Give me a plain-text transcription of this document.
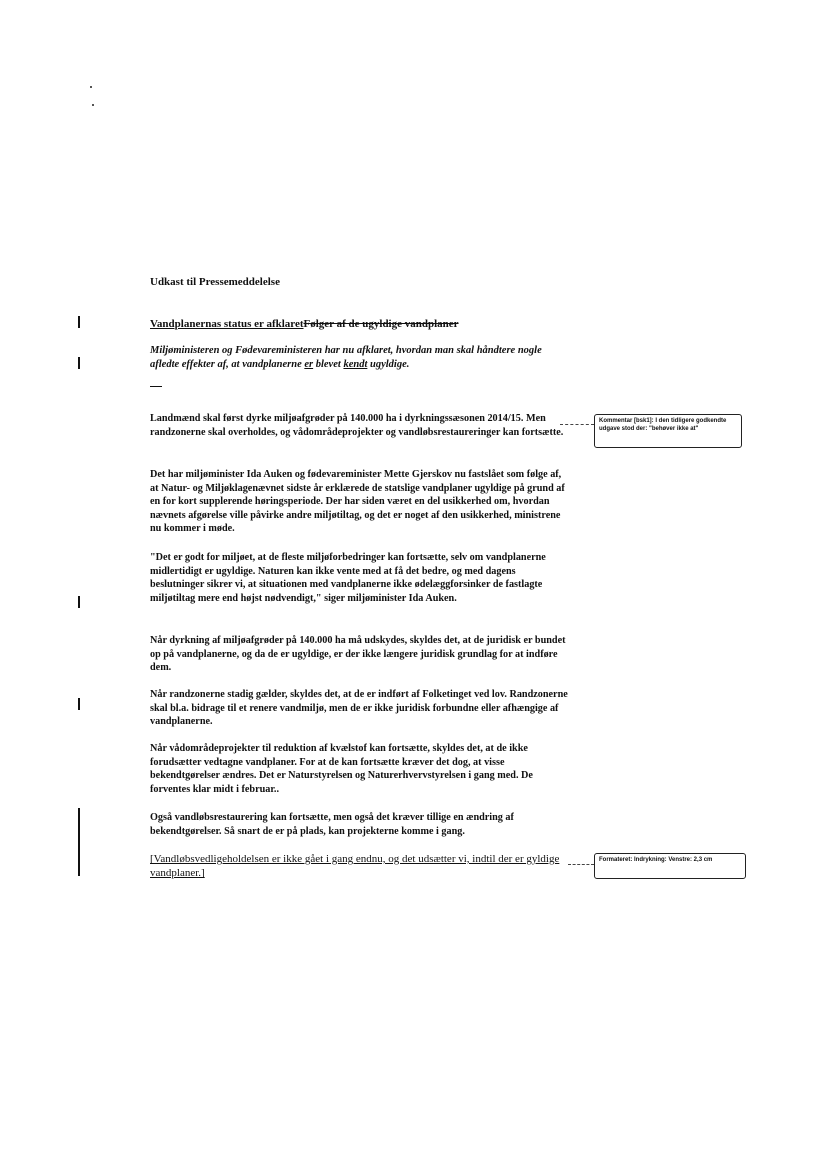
Udkast til Pressemeddelelse
Vandplanernas status er afklaretFølger af de ugyldige vandplaner
Miljøministeren og Fødevareministeren har nu afklaret, hvordan man skal håndtere nogle afledte effekter af, at vandplanerne er blevet kendt ugyldige.
Landmænd skal først dyrke miljøafgrøder på 140.000 ha i dyrkningssæsonen 2014/15. Men randzonerne skal overholdes, og vådområdeprojekter og vandløbsrestaureringer kan fortsætte.
Det har miljøminister Ida Auken og fødevareminister Mette Gjerskov nu fastslået som følge af, at Natur- og Miljøklagenævnet sidste år erklærede de statslige vandplaner ugyldige på grund af en for kort supplerende høringsperiode. Der har siden været en del usikkerhed om, hvordan nævnets afgørelse ville påvirke andre miljøtiltag, og det er noget af den usikkerhed, ministrene nu kommer i møde.
"Det er godt for miljøet, at de fleste miljøforbedringer kan fortsætte, selv om vandplanerne midlertidigt er ugyldige. Naturen kan ikke vente med at få det bedre, og med dagens beslutninger sikrer vi, at situationen med vandplanerne ikke ødelæggforsinker de fastlagte miljøtiltag mere end højst nødvendigt," siger miljøminister Ida Auken.
Når dyrkning af miljøafgrøder på 140.000 ha må udskydes, skyldes det, at de juridisk er bundet op på vandplanerne, og da de er ugyldige, er der ikke længere juridisk grundlag for at indføre dem.
Når randzonerne stadig gælder, skyldes det, at de er indført af Folketinget ved lov. Randzonerne skal bl.a. bidrage til et renere vandmiljø, men de er ikke juridisk forbundne eller afhængige af vandplanerne.
Når vådområdeprojekter til reduktion af kvælstof kan fortsætte, skyldes det, at de ikke forudsætter vedtagne vandplaner. For at de kan fortsætte kræver det dog, at visse bekendtgørelser ændres. Det er Naturstyrelsen og Naturerhvervstyrelsen i gang med. De forventes klar midt i februar..
Også vandløbsrestaurering kan fortsætte, men også det kræver tillige en ændring af bekendtgørelser. Så snart de er på plads, kan projekterne komme i gang.
[Vandløbsvedligeholdelsen er ikke gået i gang endnu, og det udsætter vi, indtil der er gyldige vandplaner.]
Kommentar [bsk1]: I den tidligere godkendte udgave stod der: "behøver ikke at"
Formateret: Indrykning: Venstre: 2,3 cm
